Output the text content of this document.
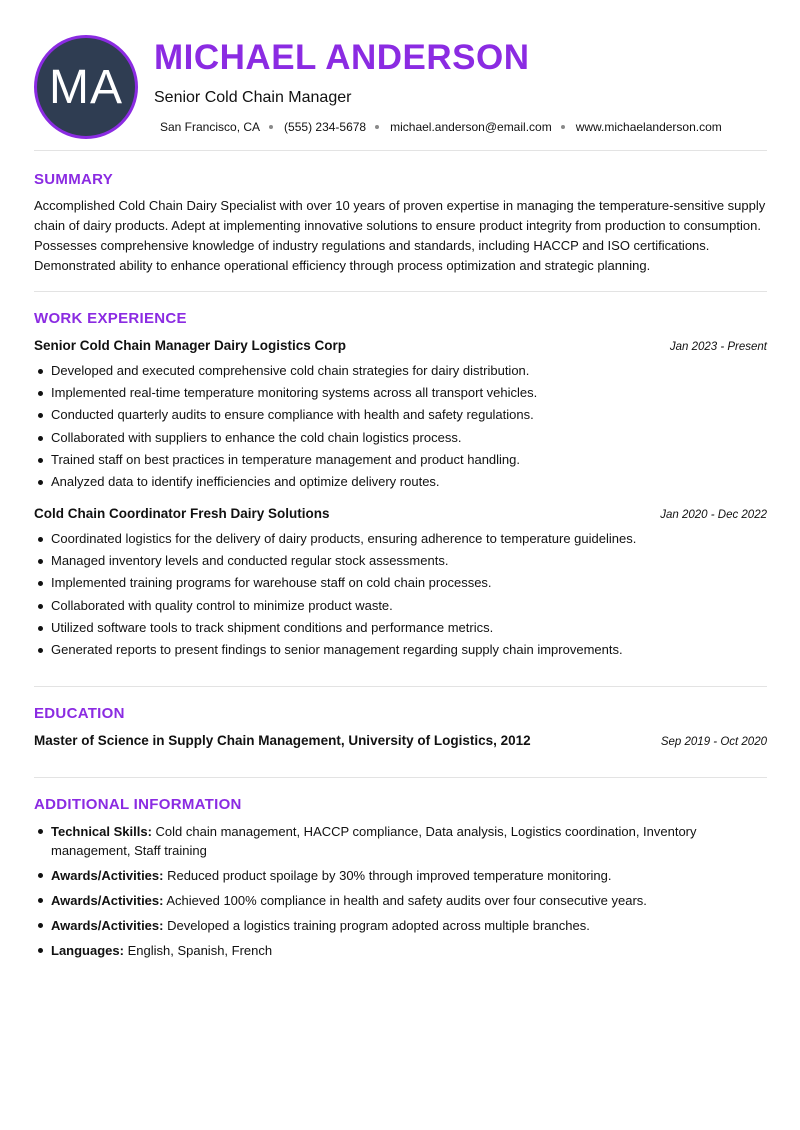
MA
MICHAEL ANDERSON
Senior Cold Chain Manager
San Francisco, CA (555) 234-5678 michael.anderson@email.com www.michaelanderson.com
SUMMARY
Accomplished Cold Chain Dairy Specialist with over 10 years of proven expertise in managing the temperature-sensitive supply chain of dairy products. Adept at implementing innovative solutions to ensure product integrity from production to consumption. Possesses comprehensive knowledge of industry regulations and standards, including HACCP and ISO certifications. Demonstrated ability to enhance operational efficiency through process optimization and strategic planning.
WORK EXPERIENCE
Senior Cold Chain Manager Dairy Logistics Corp	Jan 2023 - Present
Developed and executed comprehensive cold chain strategies for dairy distribution.
Implemented real-time temperature monitoring systems across all transport vehicles.
Conducted quarterly audits to ensure compliance with health and safety regulations.
Collaborated with suppliers to enhance the cold chain logistics process.
Trained staff on best practices in temperature management and product handling.
Analyzed data to identify inefficiencies and optimize delivery routes.
Cold Chain Coordinator Fresh Dairy Solutions	Jan 2020 - Dec 2022
Coordinated logistics for the delivery of dairy products, ensuring adherence to temperature guidelines.
Managed inventory levels and conducted regular stock assessments.
Implemented training programs for warehouse staff on cold chain processes.
Collaborated with quality control to minimize product waste.
Utilized software tools to track shipment conditions and performance metrics.
Generated reports to present findings to senior management regarding supply chain improvements.
EDUCATION
Master of Science in Supply Chain Management, University of Logistics, 2012	Sep 2019 - Oct 2020
ADDITIONAL INFORMATION
Technical Skills: Cold chain management, HACCP compliance, Data analysis, Logistics coordination, Inventory management, Staff training
Awards/Activities: Reduced product spoilage by 30% through improved temperature monitoring.
Awards/Activities: Achieved 100% compliance in health and safety audits over four consecutive years.
Awards/Activities: Developed a logistics training program adopted across multiple branches.
Languages: English, Spanish, French
